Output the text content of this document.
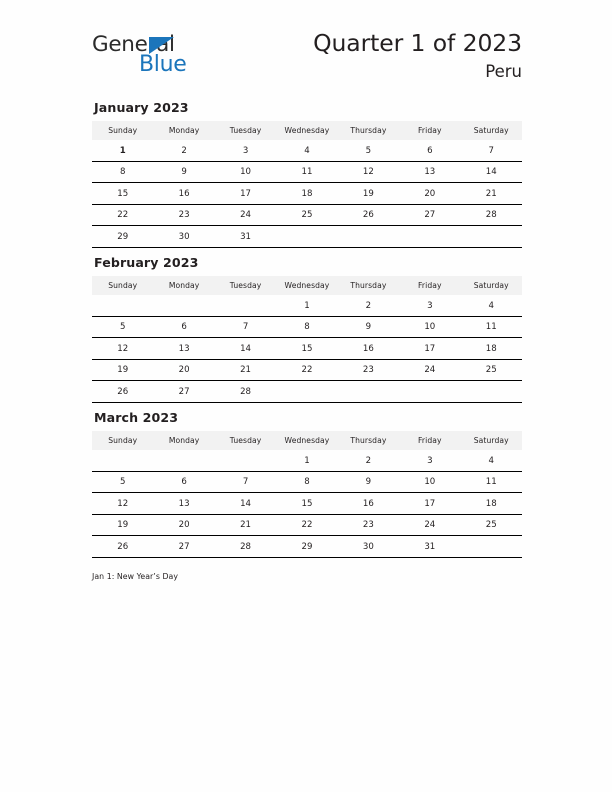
General
Blue
Quarter 1 of 2023
Peru
January 2023
Sunday	Monday	Tuesday	Wednesday	Thursday	Friday	Saturday
1	2	3	4	5	6	7
8	9	10	11	12	13	14
15	16	17	18	19	20	21
22	23	24	25	26	27	28
29	30	31				
February 2023
Sunday	Monday	Tuesday	Wednesday	Thursday	Friday	Saturday
			1	2	3	4
5	6	7	8	9	10	11
12	13	14	15	16	17	18
19	20	21	22	23	24	25
26	27	28				
March 2023
Sunday	Monday	Tuesday	Wednesday	Thursday	Friday	Saturday
			1	2	3	4
5	6	7	8	9	10	11
12	13	14	15	16	17	18
19	20	21	22	23	24	25
26	27	28	29	30	31	
Jan 1: New Year’s Day
